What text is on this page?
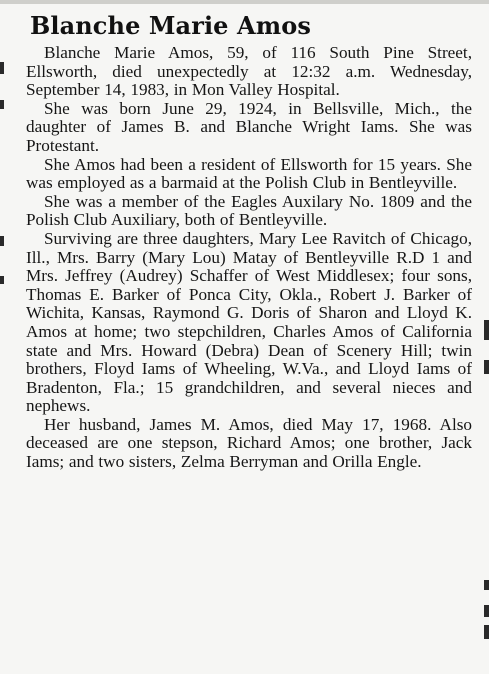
Blanche Marie Amos

Blanche Marie Amos, 59, of 116 South Pine Street, Ellsworth, died unexpectedly at 12:32 a.m. Wednesday, September 14, 1983, in Mon Valley Hospital.

She was born June 29, 1924, in Bellsville, Mich., the daughter of James B. and Blanche Wright Iams. She was Protestant.

She Amos had been a resident of Ellsworth for 15 years. She was employed as a barmaid at the Polish Club in Bentleyville.

She was a member of the Eagles Auxilary No. 1809 and the Polish Club Auxiliary, both of Bentleyville.

Surviving are three daughters, Mary Lee Ravitch of Chicago, Ill., Mrs. Barry (Mary Lou) Matay of Bentleyville R.D 1 and Mrs. Jeffrey (Audrey) Schaffer of West Middlesex; four sons, Thomas E. Barker of Ponca City, Okla., Robert J. Barker of Wichita, Kansas, Raymond G. Doris of Sharon and Lloyd K. Amos at home; two stepchildren, Charles Amos of California state and Mrs. Howard (Debra) Dean of Scenery Hill; twin brothers, Floyd Iams of Wheeling, W.Va., and Lloyd Iams of Bradenton, Fla.; 15 grandchildren, and several nieces and nephews.

Her husband, James M. Amos, died May 17, 1968. Also deceased are one stepson, Richard Amos; one brother, Jack Iams; and two sisters, Zelma Berryman and Orilla Engle.
